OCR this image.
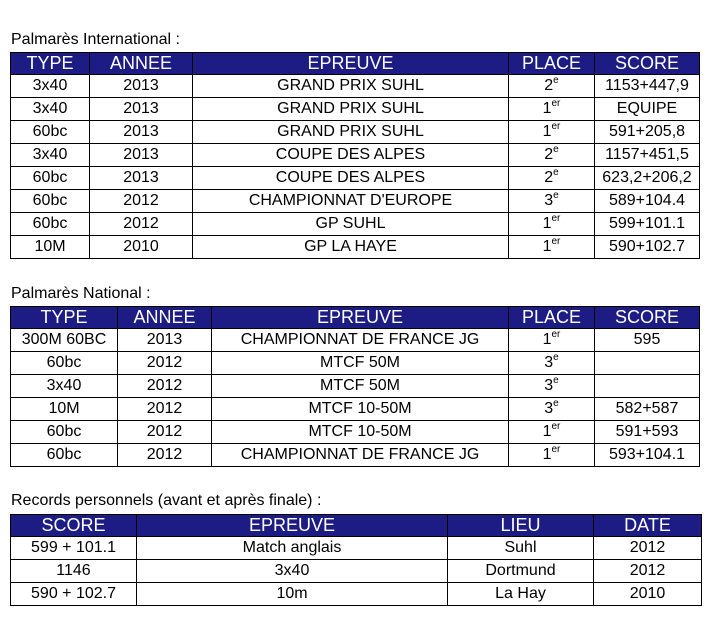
Palmarès International :
TYPE	ANNEE	EPREUVE	PLACE	SCORE
3x40	2013	GRAND PRIX SUHL	2e	1153+447,9
3x40	2013	GRAND PRIX SUHL	1er	EQUIPE
60bc	2013	GRAND PRIX SUHL	1er	591+205,8
3x40	2013	COUPE DES ALPES	2e	1157+451,5
60bc	2013	COUPE DES ALPES	2e	623,2+206,2
60bc	2012	CHAMPIONNAT D'EUROPE	3e	589+104.4
60bc	2012	GP SUHL	1er	599+101.1
10M	2010	GP LA HAYE	1er	590+102.7
Palmarès National :
TYPE	ANNEE	EPREUVE	PLACE	SCORE
300M 60BC	2013	CHAMPIONNAT DE FRANCE JG	1er	595
60bc	2012	MTCF 50M	3e	
3x40	2012	MTCF 50M	3e	
10M	2012	MTCF 10-50M	3e	582+587
60bc	2012	MTCF 10-50M	1er	591+593
60bc	2012	CHAMPIONNAT DE FRANCE JG	1er	593+104.1
Records personnels (avant et après finale) :
SCORE	EPREUVE	LIEU	DATE
599 + 101.1	Match anglais	Suhl	2012
1146	3x40	Dortmund	2012
590 + 102.7	10m	La Hay	2010
